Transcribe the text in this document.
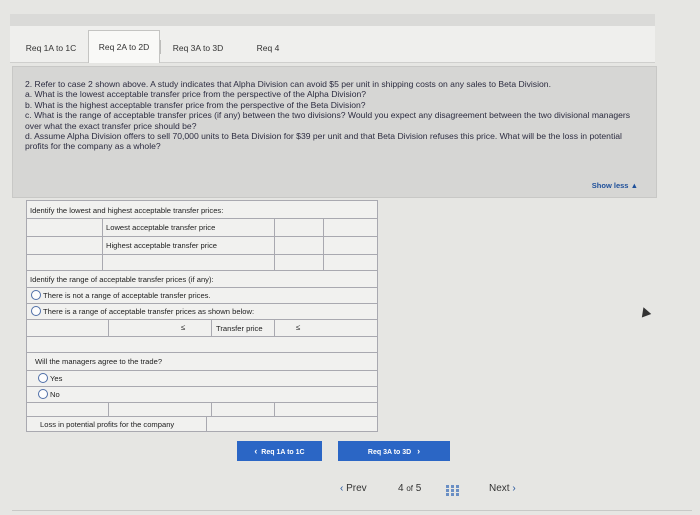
Req 1A to 1C	Req 2A to 2D	Req 3A to 3D	Req 4

2. Refer to case 2 shown above. A study indicates that Alpha Division can avoid $5 per unit in shipping costs on any sales to Beta Division.

a. What is the lowest acceptable transfer price from the perspective of the Alpha Division?

b. What is the highest acceptable transfer price from the perspective of the Beta Division?

c. What is the range of acceptable transfer prices (if any) between the two divisions? Would you expect any disagreement between the two divisional managers over what the exact transfer price should be?

d. Assume Alpha Division offers to sell 70,000 units to Beta Division for $39 per unit and that Beta Division refuses this price. What will be the loss in potential profits for the company as a whole?

Show less ▲
Identify the lowest and highest acceptable transfer prices:
Lowest acceptable transfer price
Highest acceptable transfer price
Identify the range of acceptable transfer prices (if any):
There is not a range of acceptable transfer prices.
There is a range of acceptable transfer prices as shown below:
≤	Transfer price	≤
Will the managers agree to the trade?
Yes
No
Loss in potential profits for the company
‹ Req 1A to 1C	Req 3A to 3D ›
‹ Prev	4 of 5	Next ›
